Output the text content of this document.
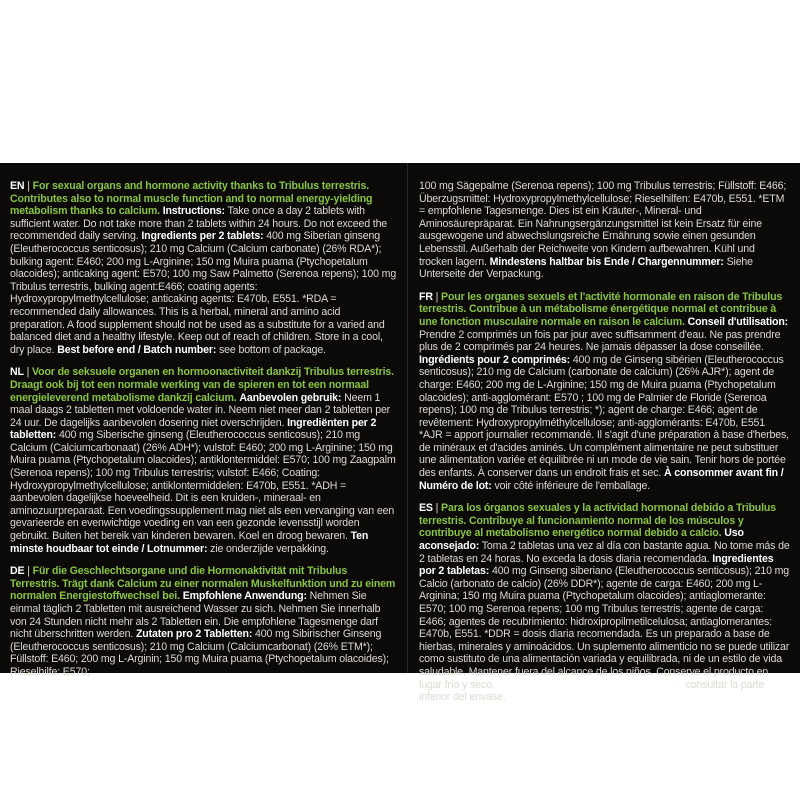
EN | For sexual organs and hormone activity thanks to Tribulus terrestris. Contributes also to normal muscle function and to normal energy-yielding metabolism thanks to calcium. Instructions: Take once a day 2 tablets with sufficient water. Do not take more than 2 tablets within 24 hours. Do not exceed the recommended daily serving. Ingredients per 2 tablets: 400 mg Siberian ginseng (Eleutherococcus senticosus); 210 mg Calcium (Calcium carbonate) (26% RDA*); bulking agent: E460; 200 mg L-Arginine; 150 mg Muira puama (Ptychopetalum olacoides); anticaking agent: E570; 100 mg Saw Palmetto (Serenoa repens); 100 mg Tribulus terrestris, bulking agent:E466; coating agents: Hydroxypropylmethylcellulose; anticaking agents: E470b, E551. *RDA = recommended daily allowances. This is a herbal, mineral and amino acid preparation. A food supplement should not be used as a substitute for a varied and balanced diet and a healthy lifestyle. Keep out of reach of children. Store in a cool, dry place. Best before end / Batch number: see bottom of package.

NL | Voor de seksuele organen en hormoonactiviteit dankzij Tribulus terrestris. Draagt ook bij tot een normale werking van de spieren en tot een normaal energieleverend metabolisme dankzij calcium. Aanbevolen gebruik: Neem 1 maal daags 2 tabletten met voldoende water in. Neem niet meer dan 2 tabletten per 24 uur. De dagelijks aanbevolen dosering niet overschrijden. Ingrediënten per 2 tabletten: 400 mg Siberische ginseng (Eleutherococcus senticosus); 210 mg Calcium (Calciumcarbonaat) (26% ADH*); vulstof: E460; 200 mg L-Arginine; 150 mg Muira puama (Ptychopetalum olacoides); antiklontermiddel: E570; 100 mg Zaagpalm (Serenoa repens); 100 mg Tribulus terrestris; vulstof: E466; Coating: Hydroxypropylmethylcellulose; antiklontermiddelen: E470b, E551. *ADH = aanbevolen dagelijkse hoeveelheid. Dit is een kruiden-, mineraal- en aminozuurpreparaat. Een voedingssupplement mag niet als een vervanging van een gevarieerde en evenwichtige voeding en van een gezonde levensstijl worden gebruikt. Buiten het bereik van kinderen bewaren. Koel en droog bewaren. Ten minste houdbaar tot einde / Lotnummer: zie onderzijde verpakking.

DE | Für die Geschlechtsorgane und die Hormonaktivität mit Tribulus Terrestris. Trägt dank Calcium zu einer normalen Muskelfunktion und zu einem normalen Energiestoffwechsel bei. Empfohlene Anwendung: Nehmen Sie einmal täglich 2 Tabletten mit ausreichend Wasser zu sich. Nehmen Sie innerhalb von 24 Stunden nicht mehr als 2 Tabletten ein. Die empfohlene Tagesmenge darf nicht überschritten werden. Zutaten pro 2 Tabletten: 400 mg Sibirischer Ginseng (Eleutherococcus senticosus); 210 mg Calcium (Calciumcarbonat) (26% ETM*); Füllstoff: E460; 200 mg L-Arginin; 150 mg Muira puama (Ptychopetalum olacoides); Rieselhilfe: E570;

100 mg Sägepalme (Serenoa repens); 100 mg Tribulus terrestris; Füllstoff: E466; Überzugsmittel: Hydroxypropylmethylcellulose; Rieselhilfen: E470b, E551. *ETM = empfohlene Tagesmenge. Dies ist ein Kräuter-, Mineral- und Aminosäurepräparat. Ein Nahrungsergänzungsmittel ist kein Ersatz für eine ausgewogene und abwechslungsreiche Ernährung sowie einen gesunden Lebensstil. Außerhalb der Reichweite von Kindern aufbewahren. Kühl und trocken lagern. Mindestens haltbar bis Ende / Chargennummer: Siehe Unterseite der Verpackung.

FR | Pour les organes sexuels et l'activité hormonale en raison de Tribulus terrestris. Contribue à un métabolisme énergétique normal et contribue à une fonction musculaire normale en raison le calcium. Conseil d'utilisation: Prendre 2 comprimés un fois par jour avec suffisamment d'eau. Ne pas prendre plus de 2 comprimés par 24 heures. Ne jamais dépasser la dose conseillée. Ingrédients pour 2 comprimés: 400 mg de Ginseng sibérien (Eleutherococcus senticosus); 210 mg de Calcium (carbonate de calcium) (26% AJR*); agent de charge: E460; 200 mg de L-Arginine; 150 mg de Muira puama (Ptychopetalum olacoides); anti-agglomérant: E570 ; 100 mg de Palmier de Floride (Serenoa repens); 100 mg de Tribulus terrestris; *); agent de charge: E466; agent de revêtement: Hydroxypropylméthylcellulose; anti-agglomérants: E470b, E551 *AJR = apport journalier recommandé. Il s'agit d'une préparation à base d'herbes, de minéraux et d'acides aminés. Un complément alimentaire ne peut substituer une alimentation variée et équilibrée ni un mode de vie sain. Tenir hors de portée des enfants. À conserver dans un endroit frais et sec. À consommer avant fin / Numéro de lot: voir côté inférieure de l'emballage.

ES | Para los órganos sexuales y la actividad hormonal debido a Tribulus terrestris. Contribuye al funcionamiento normal de los músculos y contribuye al metabolismo energético normal debido a calcio. Uso aconsejado: Toma 2 tabletas una vez al día con bastante agua. No tome más de 2 tabletas en 24 horas. No exceda la dosis diaria recomendada. Ingredientes por 2 tabletas: 400 mg Ginseng siberiano (Eleutherococcus senticosus); 210 mg Calcio (arbonato de calcio) (26% DDR*); agente de carga: E460; 200 mg L-Arginina; 150 mg Muira puama (Ptychopetalum olacoides); antiaglomerante: E570; 100 mg Serenoa repens; 100 mg Tribulus terrestris; agente de carga: E466; agentes de recubrimiento: hidroxipropilmetilcelulosa; antiaglomerantes: E470b, E551. *DDR = dosis diaria recomendada. Es un preparado a base de hierbas, minerales y aminoácidos. Un suplemento alimenticio no se puede utilizar como sustituto de una alimentación variada y equilibrada, ni de un estilo de vida saludable. Mantener fuera del alcance de los niños. Conserve el producto en lugar frío y seco. Fecha de caducidad / Número de lote: consultar la parte inferior del envase.
